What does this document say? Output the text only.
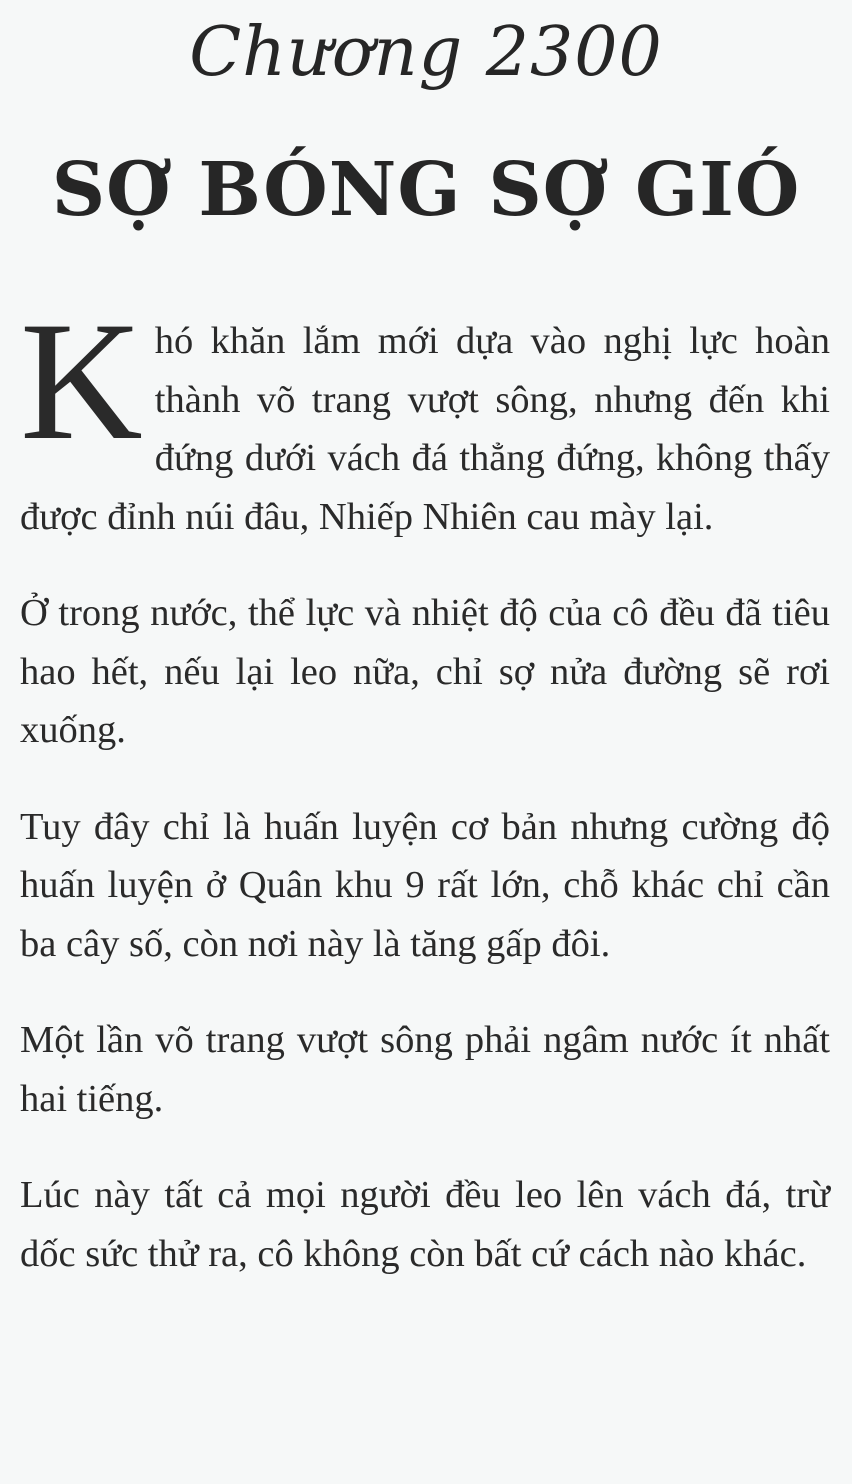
Chương 2300
SỢ BÓNG SỢ GIÓ

Khó khăn lắm mới dựa vào nghị lực hoàn thành võ trang vượt sông, nhưng đến khi đứng dưới vách đá thẳng đứng, không thấy được đỉnh núi đâu, Nhiếp Nhiên cau mày lại.

Ở trong nước, thể lực và nhiệt độ của cô đều đã tiêu hao hết, nếu lại leo nữa, chỉ sợ nửa đường sẽ rơi xuống.

Tuy đây chỉ là huấn luyện cơ bản nhưng cường độ huấn luyện ở Quân khu 9 rất lớn, chỗ khác chỉ cần ba cây số, còn nơi này là tăng gấp đôi.

Một lần võ trang vượt sông phải ngâm nước ít nhất hai tiếng.

Lúc này tất cả mọi người đều leo lên vách đá, trừ dốc sức thử ra, cô không còn bất cứ cách nào khác.
